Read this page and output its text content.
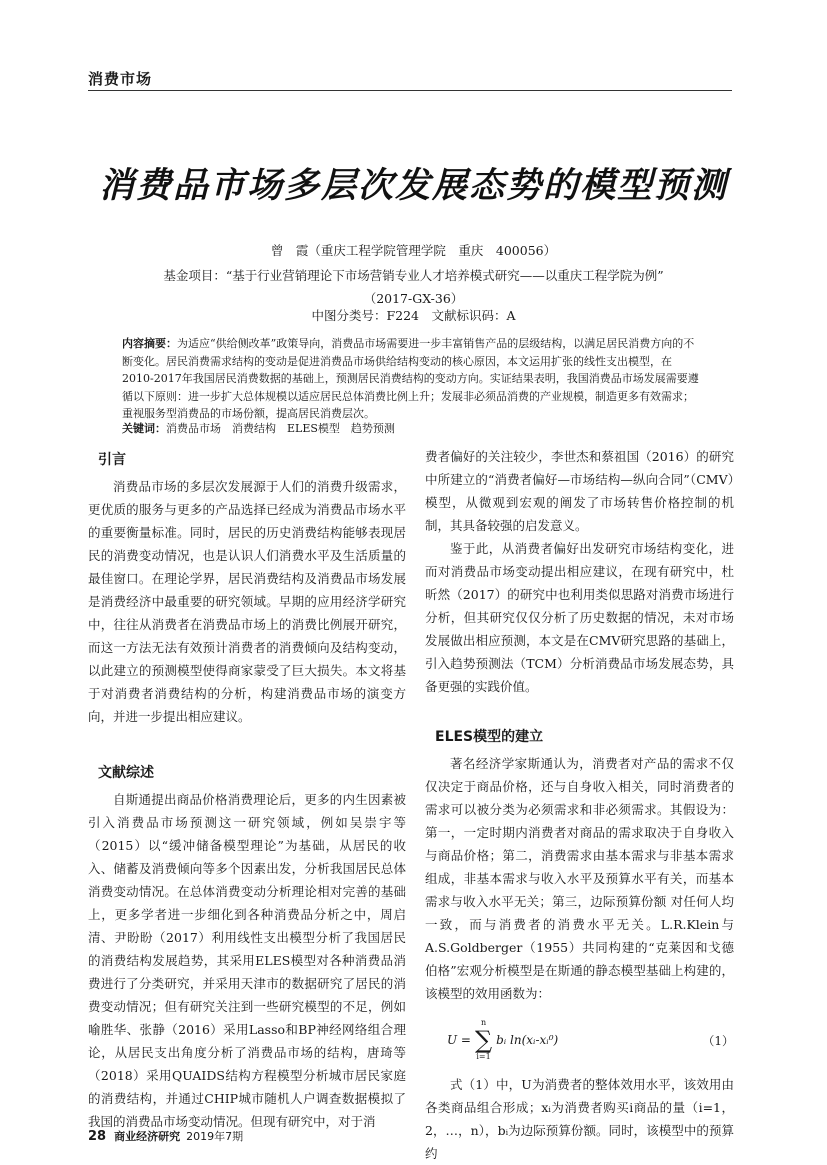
消费市场
消费品市场多层次发展态势的模型预测
曾　霞（重庆工程学院管理学院　重庆　400056）
基金项目：“基于行业营销理论下市场营销专业人才培养模式研究——以重庆工程学院为例”
（2017-GX-36）
中图分类号：F224　文献标识码：A
内容摘要：为适应“供给侧改革”政策导向，消费品市场需要进一步丰富销售产品的层级结构，以满足居民消费方向的不断变化。居民消费需求结构的变动是促进消费品市场供给结构变动的核心原因，本文运用扩张的线性支出模型，在2010-2017年我国居民消费数据的基础上，预测居民消费结构的变动方向。实证结果表明，我国消费品市场发展需要遵循以下原则：进一步扩大总体规模以适应居民总体消费比例上升；发展非必须品消费的产业规模，制造更多有效需求；重视服务型消费品的市场份额，提高居民消费层次。
关键词：消费品市场　消费结构　ELES模型　趋势预测
引言

消费品市场的多层次发展源于人们的消费升级需求，更优质的服务与更多的产品选择已经成为消费品市场水平的重要衡量标准。同时，居民的历史消费结构能够表现居民的消费变动情况，也是认识人们消费水平及生活质量的最佳窗口。在理论学界，居民消费结构及消费品市场发展是消费经济中最重要的研究领域。早期的应用经济学研究中，往往从消费者在消费品市场上的消费比例展开研究，而这一方法无法有效预计消费者的消费倾向及结构变动，以此建立的预测模型使得商家蒙受了巨大损失。本文将基于对消费者消费结构的分析，构建消费品市场的演变方向，并进一步提出相应建议。

文献综述

自斯通提出商品价格消费理论后，更多的内生因素被引入消费品市场预测这一研究领域，例如吴崇宇等（2015）以“缓冲储备模型理论”为基础，从居民的收入、储蓄及消费倾向等多个因素出发，分析我国居民总体消费变动情况。在总体消费变动分析理论相对完善的基础上，更多学者进一步细化到各种消费品分析之中，周启清、尹盼盼（2017）利用线性支出模型分析了我国居民的消费结构发展趋势，其采用ELES模型对各种消费品消费进行了分类研究，并采用天津市的数据研究了居民的消费变动情况；但有研究关注到一些研究模型的不足，例如喻胜华、张静（2016）采用Lasso和BP神经网络组合理论，从居民支出角度分析了消费品市场的结构，唐琦等（2018）采用QUAIDS结构方程模型分析城市居民家庭的消费结构，并通过CHIP城市随机人户调查数据模拟了我国的消费品市场变动情况。但现有研究中，对于消

费者偏好的关注较少，李世杰和蔡祖国（2016）的研究中所建立的“消费者偏好—市场结构—纵向合同”（CMV）模型，从微观到宏观的阐发了市场转售价格控制的机制，其具备较强的启发意义。

鉴于此，从消费者偏好出发研究市场结构变化，进而对消费品市场变动提出相应建议，在现有研究中，杜昕然（2017）的研究中也利用类似思路对消费市场进行分析，但其研究仅仅分析了历史数据的情况，未对市场发展做出相应预测，本文是在CMV研究思路的基础上，引入趋势预测法（TCM）分析消费品市场发展态势，具备更强的实践价值。

ELES模型的建立

著名经济学家斯通认为，消费者对产品的需求不仅仅决定于商品价格，还与自身收入相关，同时消费者的需求可以被分类为必须需求和非必须需求。其假设为：第一，一定时期内消费者对商品的需求取决于自身收入与商品价格；第二，消费需求由基本需求与非基本需求组成，非基本需求与收入水平及预算水平有关，而基本需求与收入水平无关；第三，边际预算份额 对任何人均一致，而与消费者的消费水平无关。L.R.Klein与A.S.Goldberger（1955）共同构建的“克莱因和戈德伯格”宏观分析模型是在斯通的静态模型基础上构建的，该模型的效用函数为：

U =
n
∑
i=1
bᵢ ln(xᵢ-xᵢ⁰)	（1）

式（1）中，U为消费者的整体效用水平，该效用由各类商品组合形成；xᵢ为消费者购买i商品的量（i=1，2，…，n），bᵢ为边际预算份额。同时，该模型中的预算约

28 商业经济研究 2019年7期
